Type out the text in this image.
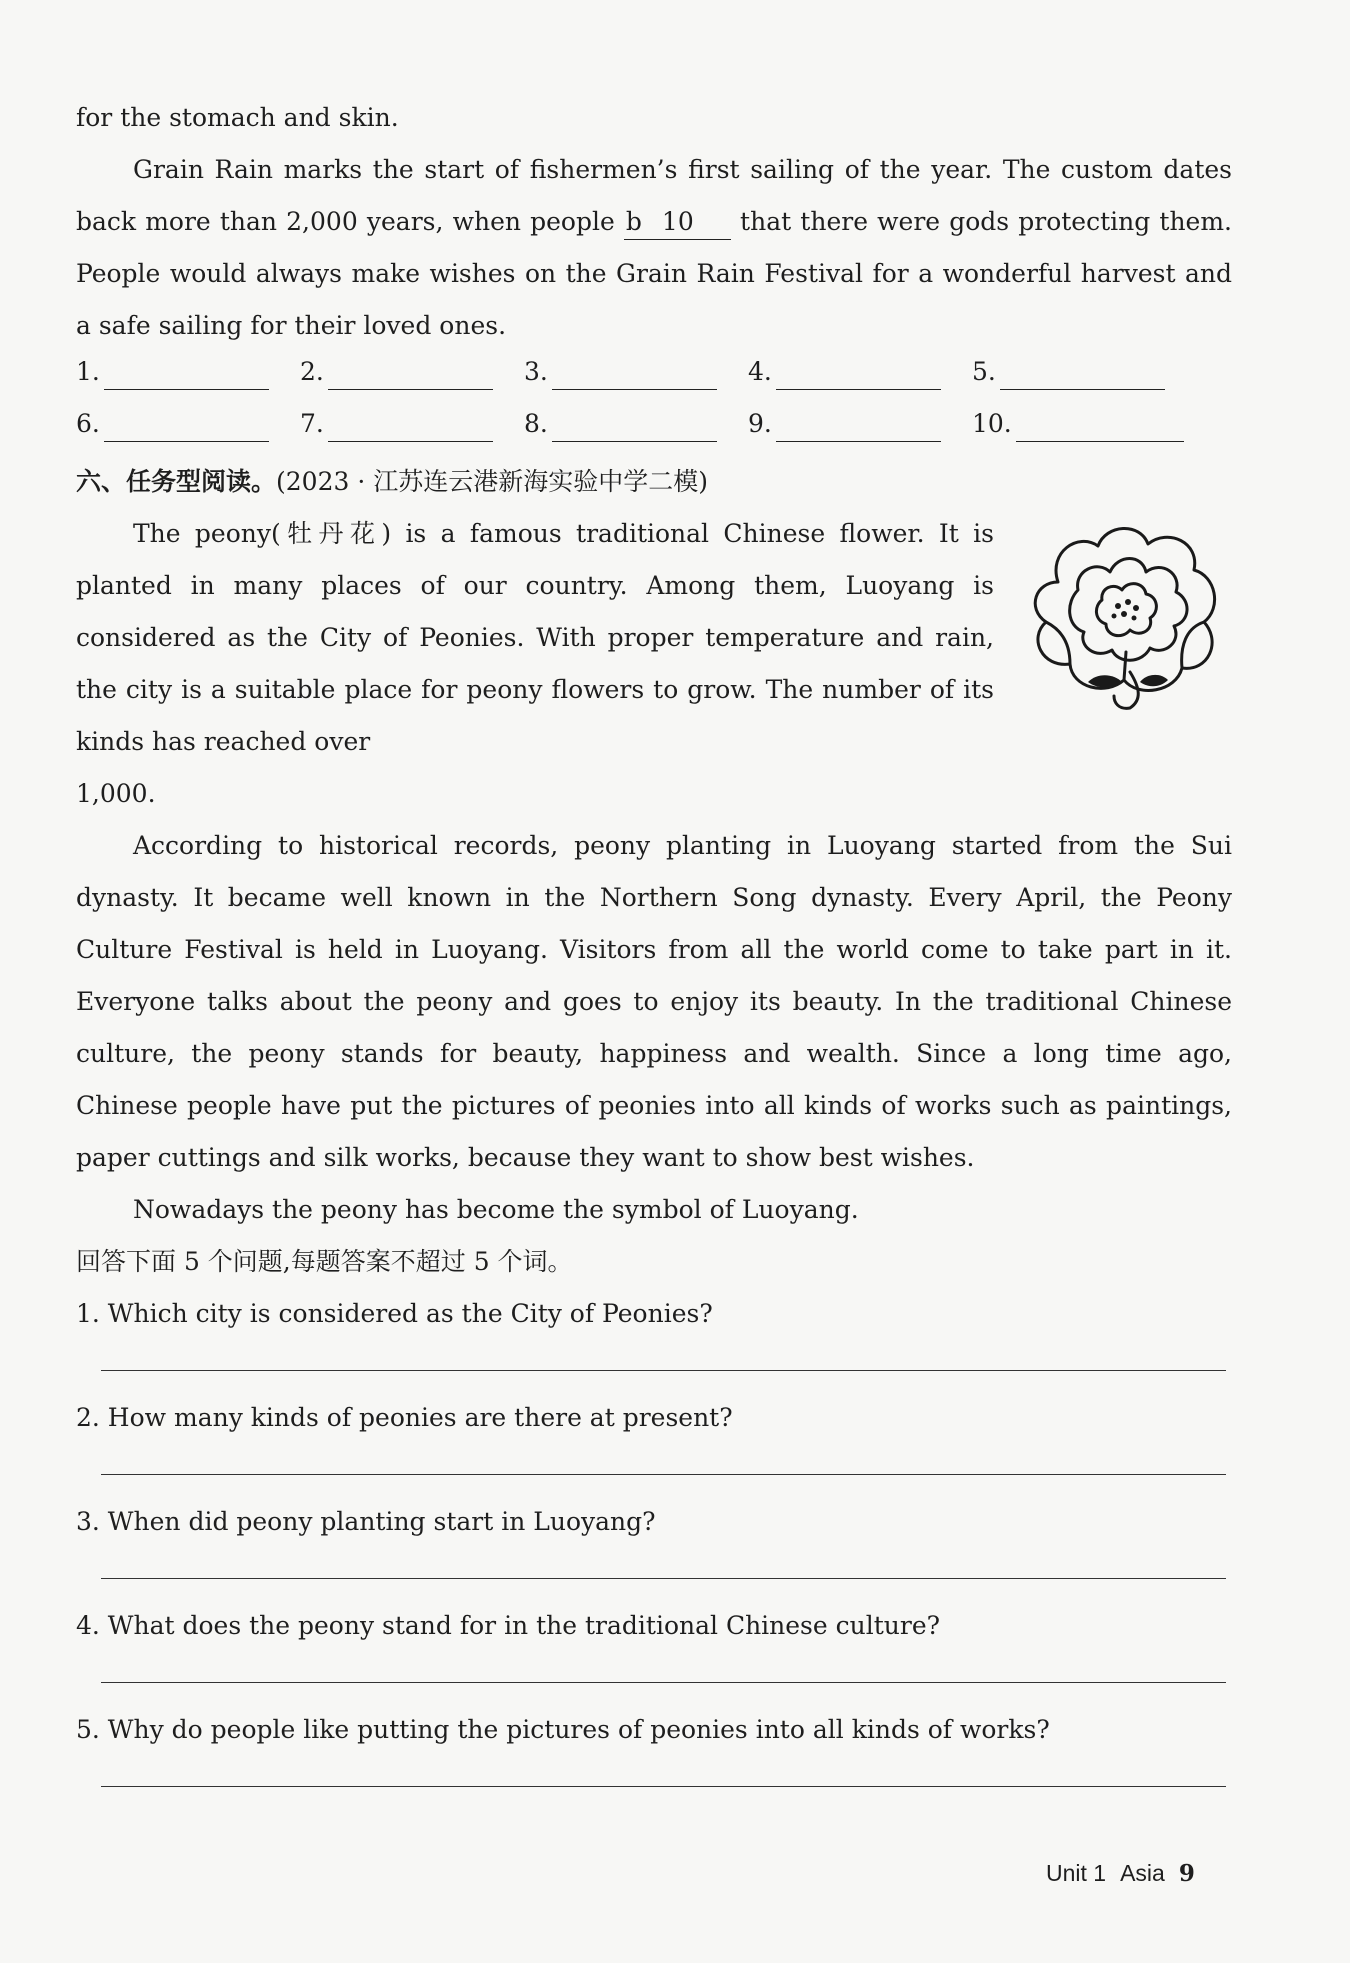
for the stomach and skin.

Grain Rain marks the start of fishermen’s first sailing of the year. The custom dates back more than 2,000 years, when people b 10 that there were gods protecting them. People would always make wishes on the Grain Rain Festival for a wonderful harvest and a safe sailing for their loved ones.

1.	2.	3.	4.	5.
6.	7.	8.	9.	10.

六、任务型阅读。(2023 · 江苏连云港新海实验中学二模)

The peony(牡丹花) is a famous traditional Chinese flower. It is planted in many places of our country. Among them, Luoyang is considered as the City of Peonies. With proper temperature and rain, the city is a suitable place for peony flowers to grow. The number of its kinds has reached over

1,000.

According to historical records, peony planting in Luoyang started from the Sui dynasty. It became well known in the Northern Song dynasty. Every April, the Peony Culture Festival is held in Luoyang. Visitors from all the world come to take part in it. Everyone talks about the peony and goes to enjoy its beauty. In the traditional Chinese culture, the peony stands for beauty, happiness and wealth. Since a long time ago, Chinese people have put the pictures of peonies into all kinds of works such as paintings, paper cuttings and silk works, because they want to show best wishes.

Nowadays the peony has become the symbol of Luoyang.

回答下面 5 个问题,每题答案不超过 5 个词。

1. Which city is considered as the City of Peonies?

2. How many kinds of peonies are there at present?

3. When did peony planting start in Luoyang?

4. What does the peony stand for in the traditional Chinese culture?

5. Why do people like putting the pictures of peonies into all kinds of works?

Unit 1 Asia 9
